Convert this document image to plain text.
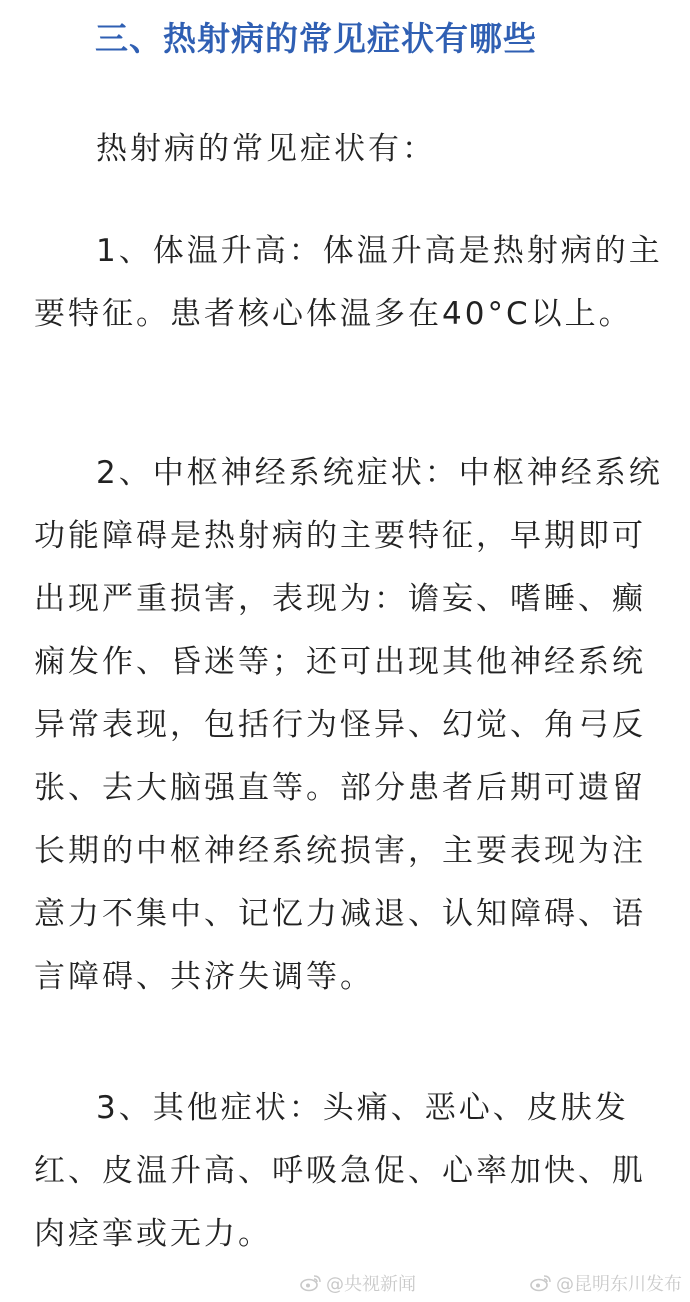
三、热射病的常见症状有哪些

热射病的常见症状有：

1、体温升高：体温升高是热射病的主要特征。患者核心体温多在40°C以上。

2、中枢神经系统症状：中枢神经系统功能障碍是热射病的主要特征，早期即可出现严重损害，表现为：谵妄、嗜睡、癫痫发作、昏迷等；还可出现其他神经系统异常表现，包括行为怪异、幻觉、角弓反张、去大脑强直等。部分患者后期可遗留长期的中枢神经系统损害，主要表现为注意力不集中、记忆力减退、认知障碍、语言障碍、共济失调等。

3、其他症状：头痛、恶心、皮肤发红、皮温升高、呼吸急促、心率加快、肌肉痉挛或无力。

@央视新闻	@昆明东川发布
